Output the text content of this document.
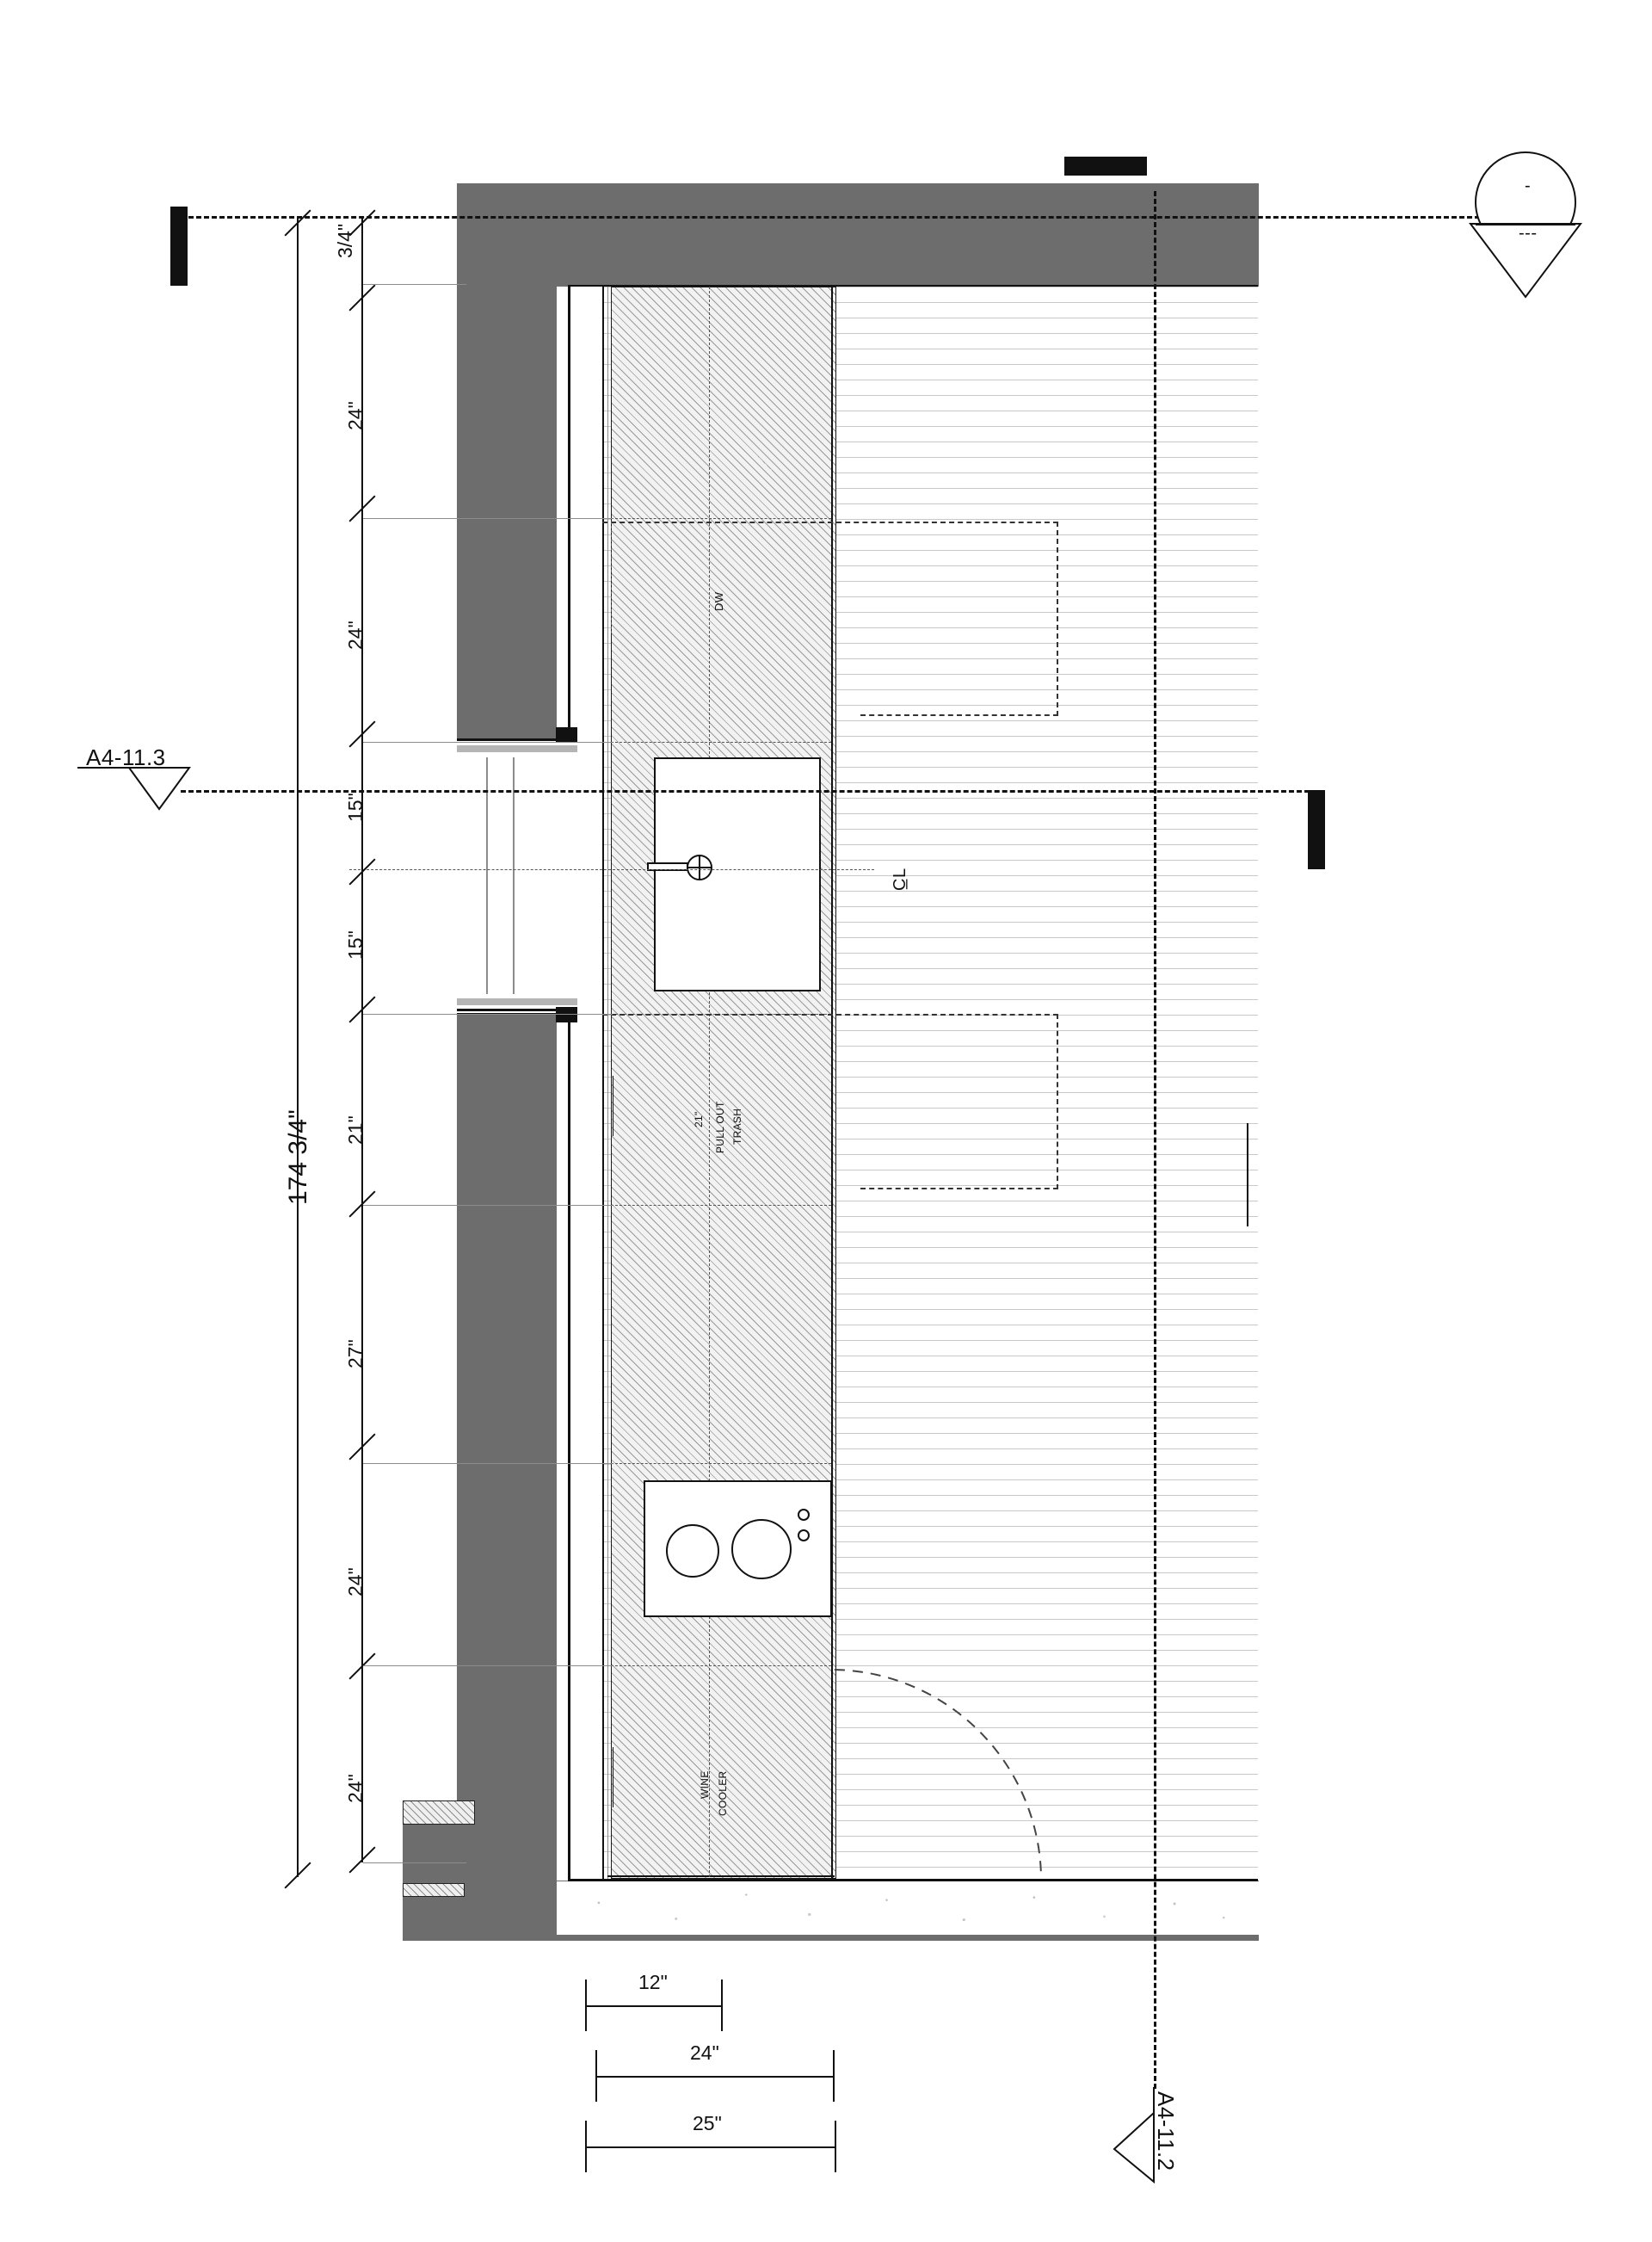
A4-11.3
A4-11.2
-
---
DW
C̲L
21" PULL OUT TRASH
WINE COOLER
3/4"
24"
24"
15"
15"
21"
27"
24"
24"
174 3/4"
12"
24"
25"
